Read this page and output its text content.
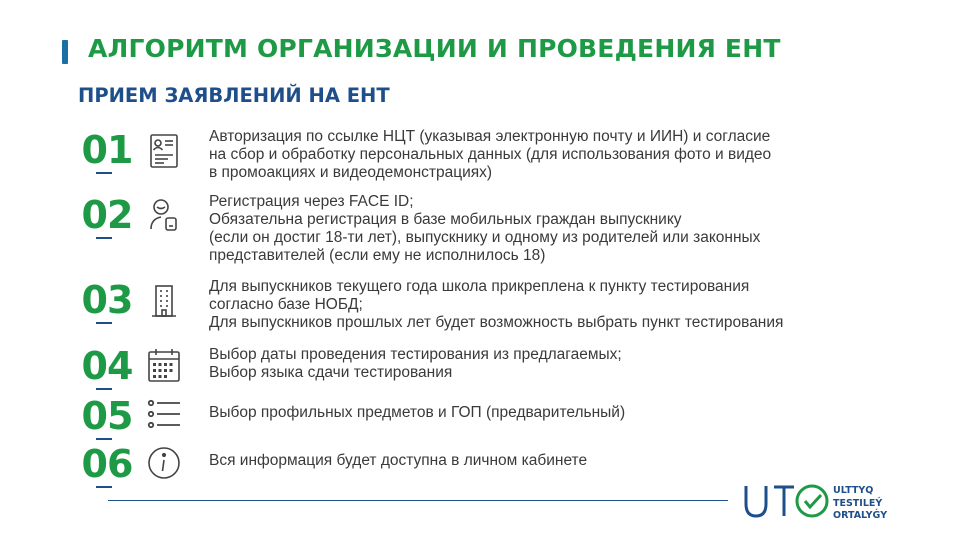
АЛГОРИТМ ОРГАНИЗАЦИИ И ПРОВЕДЕНИЯ ЕНТ
ПРИЕМ ЗАЯВЛЕНИЙ НА ЕНТ
01	Авторизация по ссылке НЦТ (указывая электронную почту и ИИН) и согласие
на сбор и обработку персональных данных (для использования фото и видео
в промоакциях и видеодемонстрациях)
02	Регистрация через FACE ID;
Обязательна регистрация в базе мобильных граждан выпускнику
(если он достиг 18-ти лет), выпускнику и одному из родителей или законных
представителей (если ему не исполнилось 18)
03	Для выпускников текущего года школа прикреплена к пункту тестирования
согласно базе НОБД;
Для выпускников прошлых лет будет возможность выбрать пункт тестирования
04	Выбор даты проведения тестирования из предлагаемых;
Выбор языка сдачи тестирования
05	Выбор профильных предметов и ГОП (предварительный)
06	Вся информация будет доступна в личном кабинете
ULTTYQ
TESTILEÝ
ORTALYǴY
